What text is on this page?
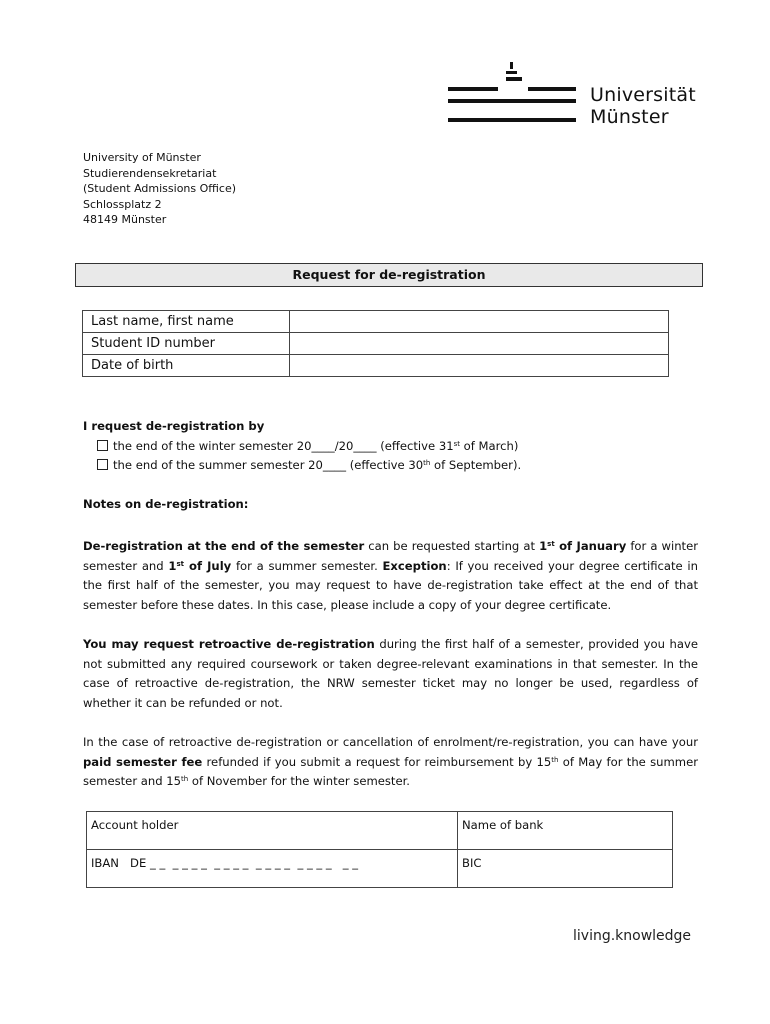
Universität
Münster
University of Münster
Studierendensekretariat
(Student Admissions Office)
Schlossplatz 2
48149 Münster
Request for de-registration
Last name, first name	
Student ID number	
Date of birth	
I request de-registration by
the end of the winter semester 20____/20____ (effective 31st of March)
the end of the summer semester 20____ (effective 30th of September).
Notes on de-registration:
De-registration at the end of the semester can be requested starting at 1st of January for a winter semester and 1st of July for a summer semester. Exception: If you received your degree certificate in the first half of the semester, you may request to have de-registration take effect at the end of that semester before these dates. In this case, please include a copy of your degree certificate.
You may request retroactive de-registration during the first half of a semester, provided you have not submitted any required coursework or taken degree-relevant examinations in that semester. In the case of retroactive de-registration, the NRW semester ticket may no longer be used, regardless of whether it can be refunded or not.
In the case of retroactive de-registration or cancellation of enrolment/re-registration, you can have your paid semester fee refunded if you submit a request for reimbursement by 15th of May for the summer semester and 15th of November for the winter semester.
Account holder	Name of bank
IBAN   DE _ _  _ _ _ _  _ _ _ _  _ _ _ _  _ _ _ _   _ _	BIC
living.knowledge
